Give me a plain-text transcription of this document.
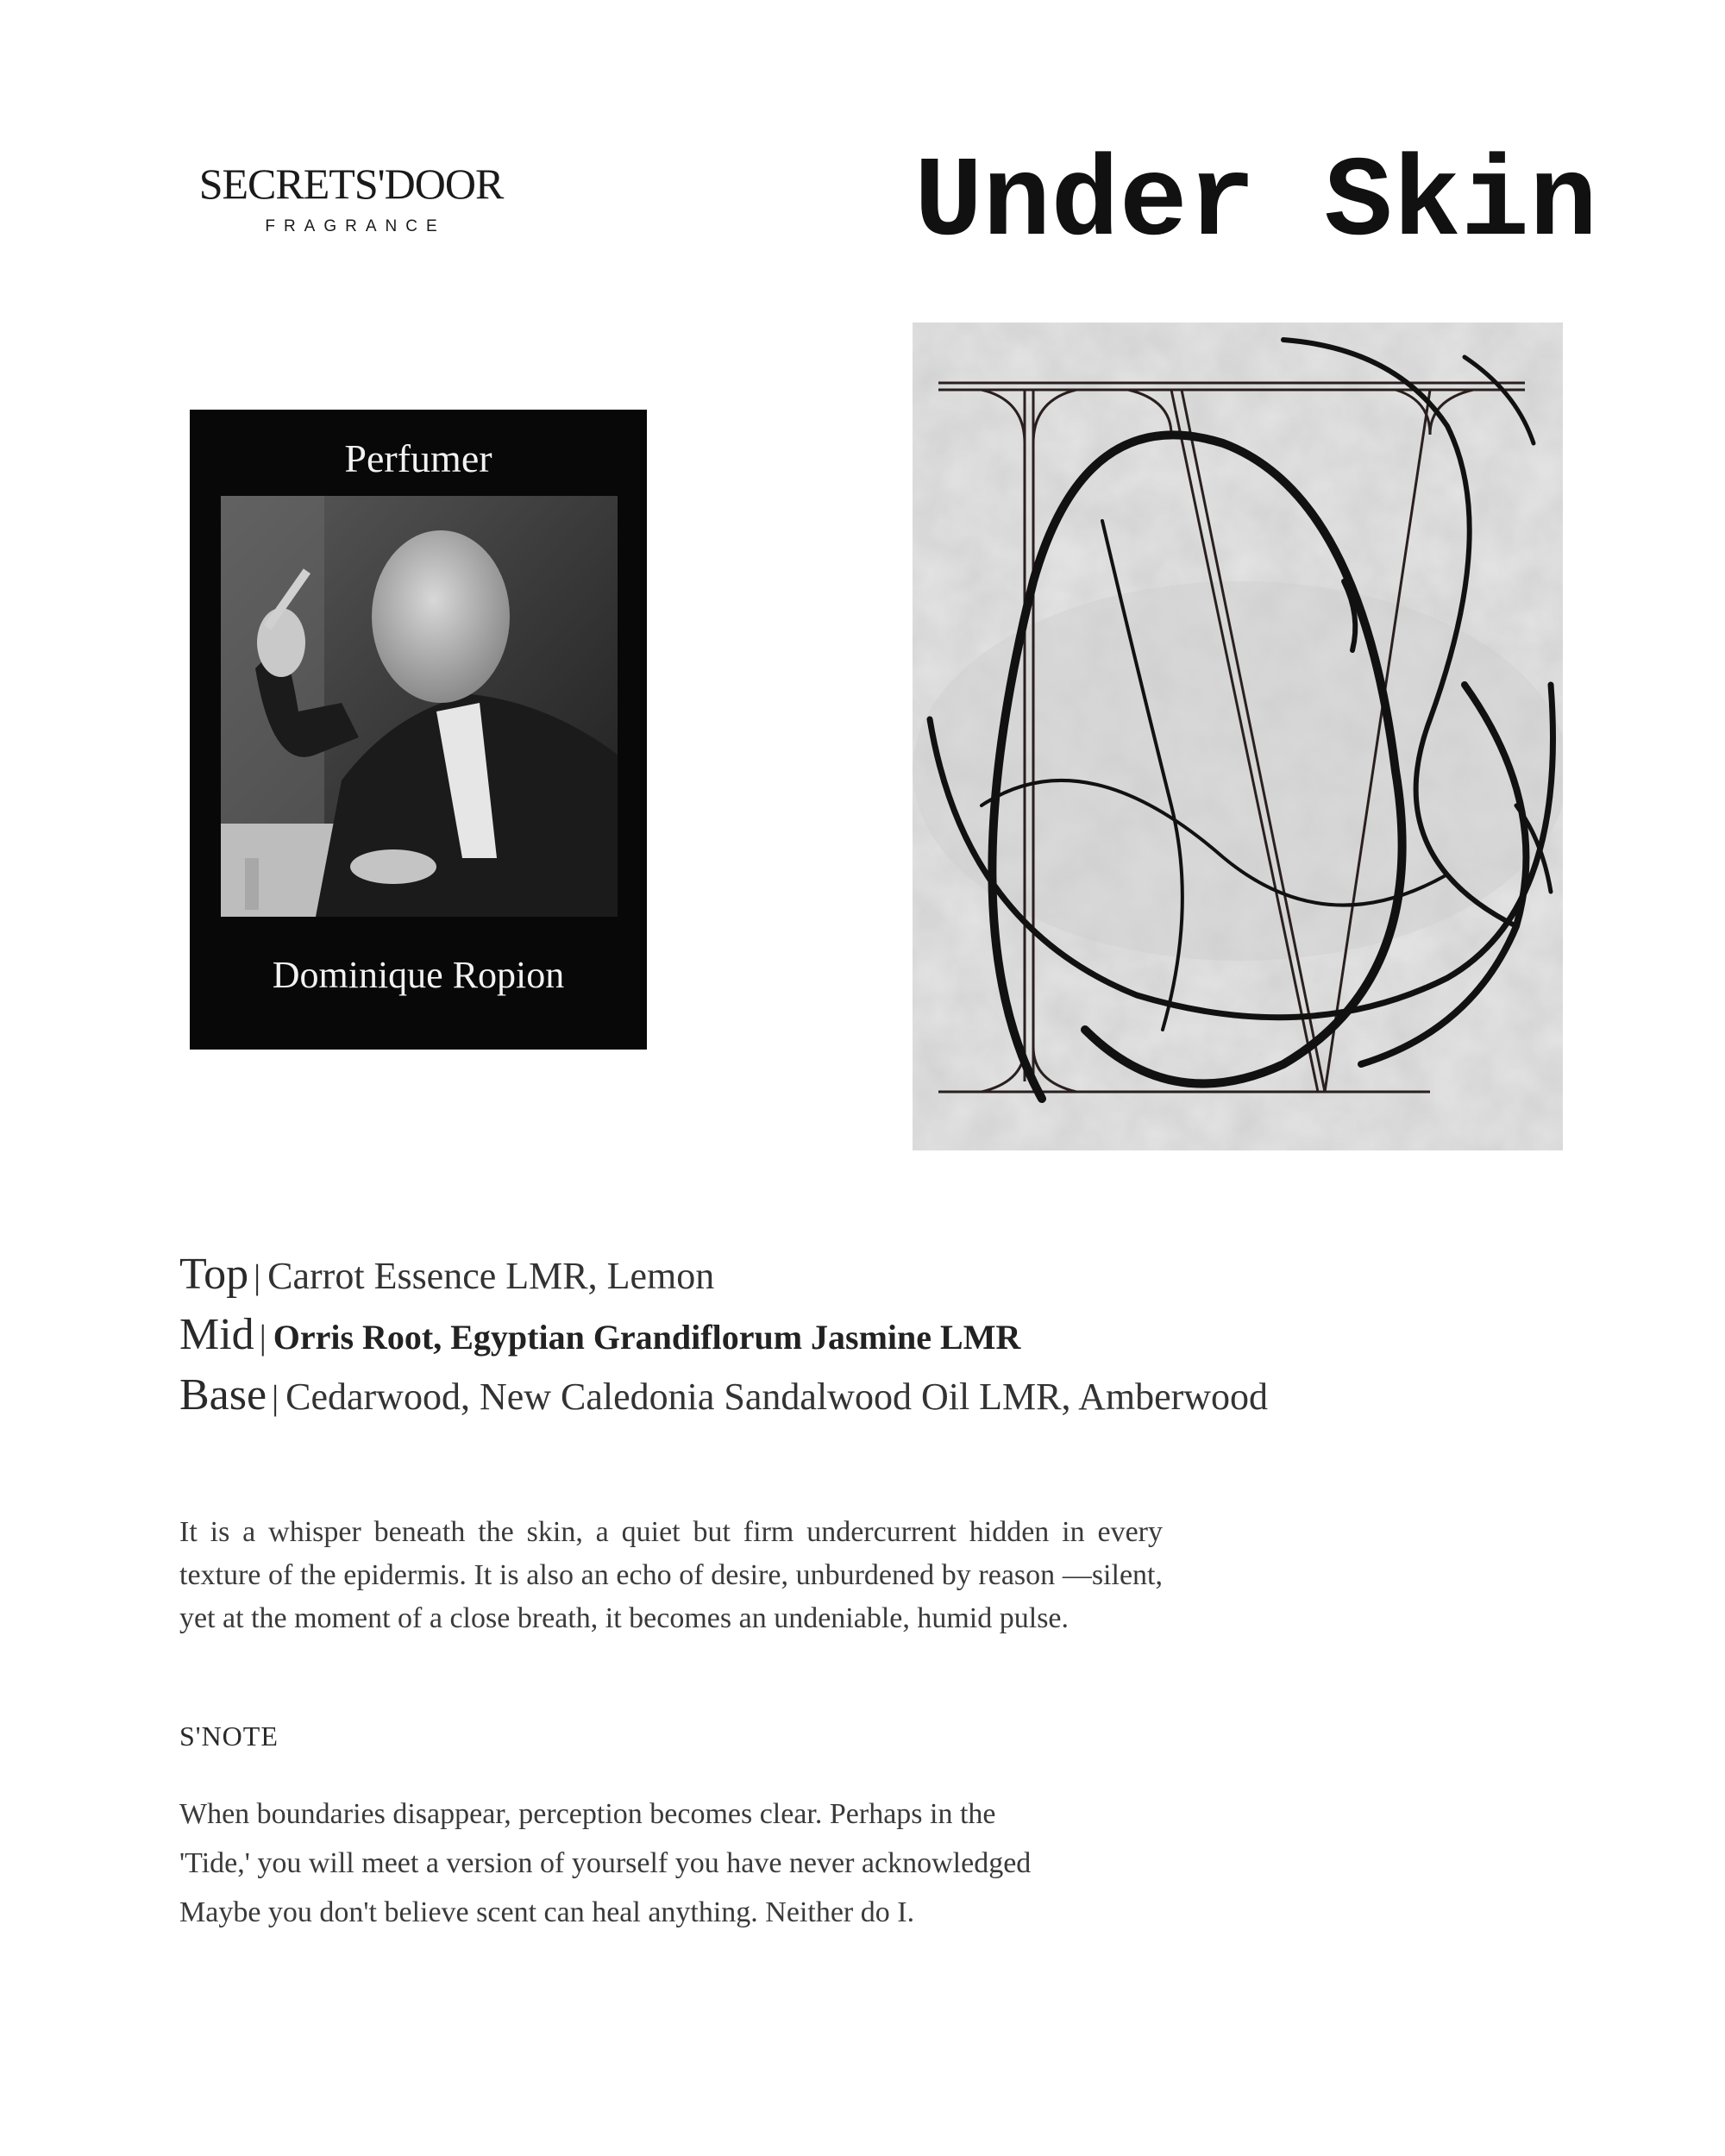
SECRETS'DOOR
FRAGRANCE	Under Skin
Perfumer
Dominique Ropion
Top | Carrot Essence LMR, Lemon
Mid | Orris Root, Egyptian Grandiflorum Jasmine LMR
Base | Cedarwood, New Caledonia Sandalwood Oil LMR, Amberwood
It is a whisper beneath the skin, a quiet but firm undercurrent hidden in every texture of the epidermis. It is also an echo of desire, unburdened by reason —silent, yet at the moment of a close breath, it becomes an undeniable, humid pulse.
S'NOTE
When boundaries disappear, perception becomes clear. Perhaps in the
'Tide,' you will meet a version of yourself you have never acknowledged
Maybe you don't believe scent can heal anything. Neither do I.
